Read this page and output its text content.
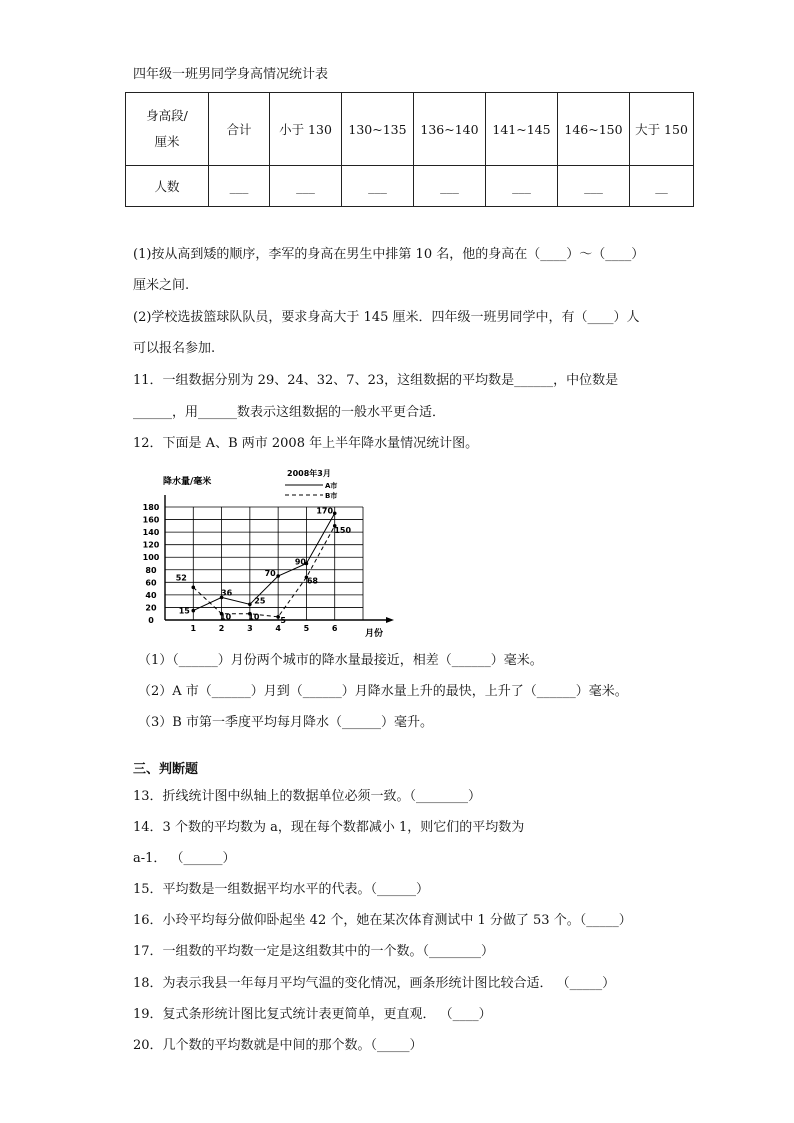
四年级一班男同学身高情况统计表
身高段/
厘米	合计	小于 130	130~135	136~140	141~145	146~150	大于 150
人数	___	___	___	___	___	___	__
(1)按从高到矮的顺序，李军的身高在男生中排第 10 名，他的身高在（____）～（____）
厘米之间.
(2)学校选拔篮球队队员，要求身高大于 145 厘米．四年级一班男同学中，有（____）人
可以报名参加.
11．一组数据分别为 29、24、32、7、23，这组数据的平均数是______，中位数是
______，用______数表示这组数据的一般水平更合适．
12．下面是 A、B 两市 2008 年上半年降水量情况统计图。
降水量/毫米
月份
2008年3月
A市
B市
0
20
40
60
80
100
120
140
160
180
1	2	3	4	5	6
15
36
25
70
90
170
52
10 10	5
68
150
（1）（______）月份两个城市的降水量最接近，相差（______）毫米。
（2）A 市（______）月到（______）月降水量上升的最快，上升了（______）毫米。
（3）B 市第一季度平均每月降水（______）毫升。
三、判断题
13．折线统计图中纵轴上的数据单位必须一致。（________）
14．3 个数的平均数为 a，现在每个数都减小 1，则它们的平均数为
a-1． （______）
15．平均数是一组数据平均水平的代表。（______）
16．小玲平均每分做仰卧起坐 42 个，她在某次体育测试中 1 分做了 53 个。（_____）
17．一组数的平均数一定是这组数其中的一个数。（________）
18．为表示我县一年每月平均气温的变化情况，画条形统计图比较合适． （_____）
19．复式条形统计图比复式统计表更简单，更直观． （____）
20．几个数的平均数就是中间的那个数。（_____）
